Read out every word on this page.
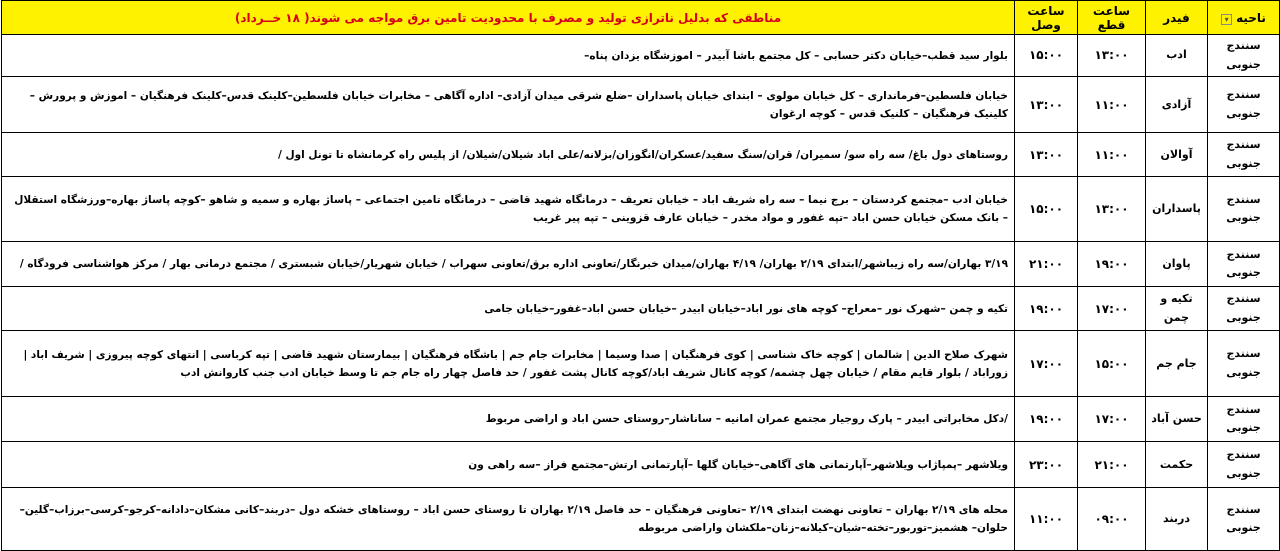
ناحیه▾	فیدر	ساعت قطع	ساعت وصل	مناطقی که بدلیل ناترازی تولید و مصرف با محدودیت تامین برق مواجه می شوند( ۱۸ خــرداد)
سنندج جنوبی	ادب	۱۳:۰۰	۱۵:۰۰	بلوار سید قطب–خیابان دکتر حسابی – کل مجتمع باشا آبیدر – اموزشگاه یزدان پناه–
سنندج جنوبی	آزادی	۱۱:۰۰	۱۳:۰۰	خیابان فلسطین–فرمانداری – کل خیابان مولوی – ابتدای خیابان پاسداران –ضلع شرقی میدان آزادی– اداره آگاهی – مخابرات خیابان فلسطین–کلینک قدس–کلینک فرهنگیان – اموزش و پرورش – کلینیک فرهنگیان – کلنیک قدس – کوچه ارغوان
سنندج جنوبی	آوالان	۱۱:۰۰	۱۳:۰۰	روستاهای دول باغ/ سه راه سو/ سمیران/ قران/سنگ سفید/عسکران/انگوزان/بزلانه/علی اباد شیلان/شیلان/ از پلیس راه کرمانشاه تا تونل اول /
سنندج جنوبی	پاسداران	۱۳:۰۰	۱۵:۰۰	خیابان ادب –مجتمع کردستان – برج نیما – سه راه شریف اباد – خیابان تعریف – درمانگاه شهید قاضی – درمانگاه تامین اجتماعی – پاساژ بهاره و سمیه و شاهو –کوچه پاساژ بهاره–ورزشگاه استقلال – بانک مسکن خیابان حسن اباد –تپه غفور و مواد مخدر – خیابان عارف قزوینی – تپه پیر غریب
سنندج جنوبی	پاوان	۱۹:۰۰	۲۱:۰۰	۳/۱۹ بهاران/سه راه زیباشهر/ابتدای ۲/۱۹ بهاران/ ۴/۱۹ بهاران/میدان خبرنگار/تعاونی اداره برق/تعاونی سهراب / خیابان شهریار/خیابان شبستری / مجتمع درمانی بهار / مرکز هواشناسی فرودگاه /
سنندج جنوبی	تکیه و چمن	۱۷:۰۰	۱۹:۰۰	تکیه و چمن –شهرک نور –معراج– کوچه های نور اباد–خیابان ابیدر –خیابان حسن اباد–غفور–خیابان جامی
سنندج جنوبی	جام جم	۱۵:۰۰	۱۷:۰۰	شهرک صلاح الدین | شالمان | کوچه خاک شناسی | کوی فرهنگیان | صدا وسیما | مخابرات جام جم | باشگاه فرهنگیان | بیمارستان شهید قاضی | تپه کرباسی | انتهای کوچه پیروزی | شریف اباد | زوراباد / بلوار قایم مقام / خیابان چهل چشمه/ کوچه کانال شریف اباد/کوچه کانال پشت غفور / حد فاصل چهار راه جام جم تا وسط خیابان ادب جنب کاروانش ادب
سنندج جنوبی	حسن آباد	۱۷:۰۰	۱۹:۰۰	/دکل مخابراتی ابیدر – پارک روجیار مجتمع عمران امانیه – ساناشار–روستای حسن اباد و اراضی مربوط
سنندج جنوبی	حکمت	۲۱:۰۰	۲۳:۰۰	ویلاشهر –پمپاژاب ویلاشهر–آپارتمانی های آگاهی–خیابان گلها –آپارتمانی ارتش–مجتمع فراز –سه راهی ون
سنندج جنوبی	دربند	۰۹:۰۰	۱۱:۰۰	محله های ۲/۱۹ بهاران – تعاونی نهضت ابتدای ۲/۱۹ –تعاونی فرهنگیان – حد فاصل ۲/۱۹ بهاران تا روستای حسن اباد – روستاهای خشکه دول –دربند–کانی مشکان–دادانه–کرجو–کرسی–برزاب–گلین–حلوان– هشمیز–توربور–تخته–شیان–کیلانه–زنان–ملکشان واراضی مربوطه
